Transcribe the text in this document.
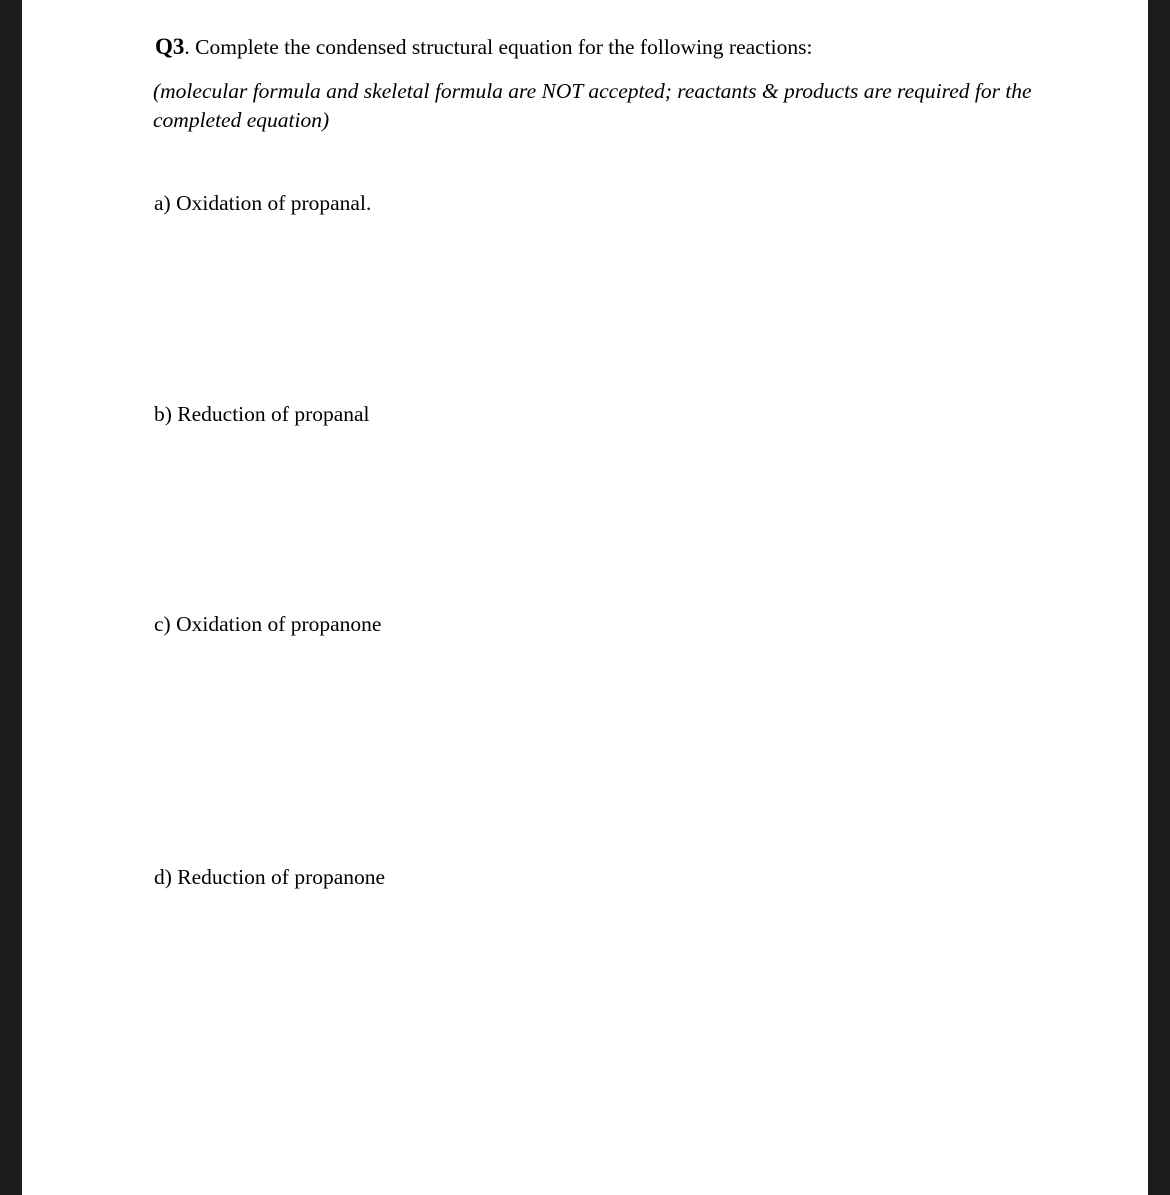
Q3. Complete the condensed structural equation for the following reactions:
(molecular formula and skeletal formula are NOT accepted; reactants & products are required for the completed equation)
a) Oxidation of propanal.
b) Reduction of propanal
c) Oxidation of propanone
d) Reduction of propanone
